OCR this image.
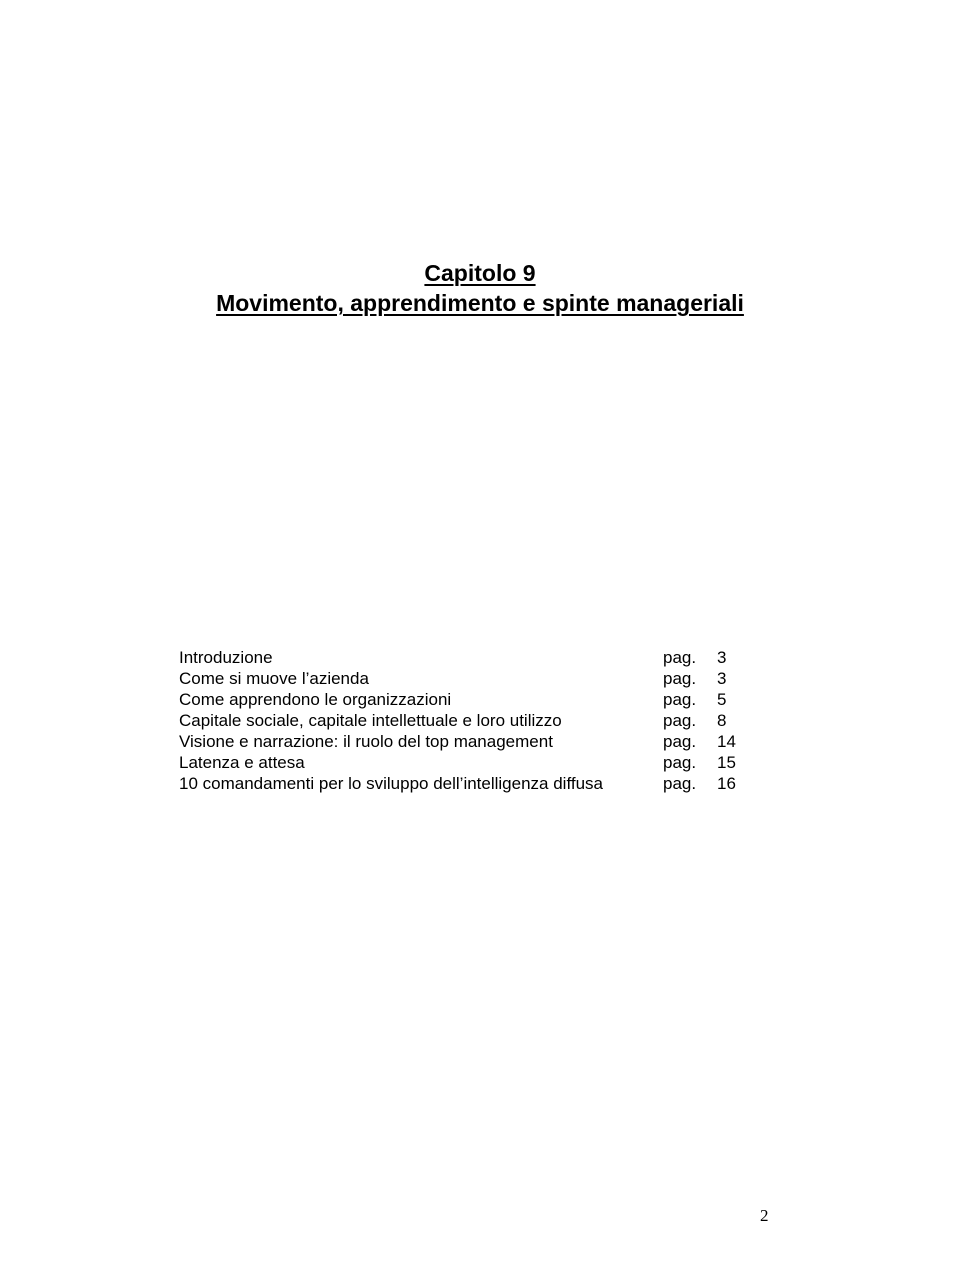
Capitolo 9
Movimento, apprendimento e spinte manageriali
Introduzione	pag.	3
Come si muove l’azienda	pag.	3
Come apprendono le organizzazioni	pag.	5
Capitale sociale, capitale intellettuale e loro utilizzo	pag.	8
Visione e narrazione: il ruolo del top management	pag.	14
Latenza e attesa	pag.	15
10 comandamenti per lo sviluppo dell’intelligenza diffusa	pag.	16
2
